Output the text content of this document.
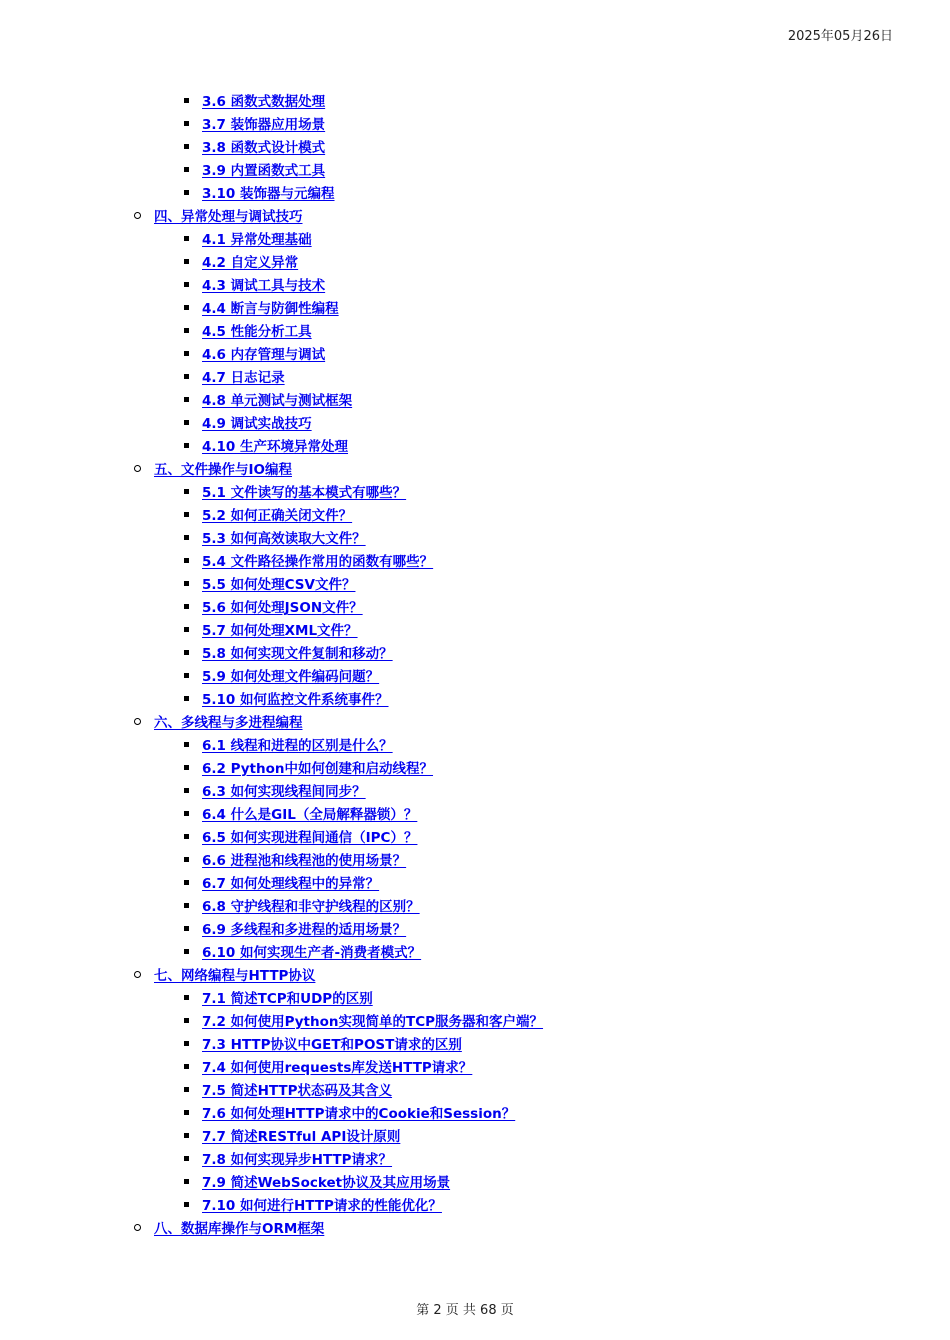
2025年05月26日
3.6 函数式数据处理
3.7 装饰器应用场景
3.8 函数式设计模式
3.9 内置函数式工具
3.10 装饰器与元编程
四、异常处理与调试技巧
4.1 异常处理基础
4.2 自定义异常
4.3 调试工具与技术
4.4 断言与防御性编程
4.5 性能分析工具
4.6 内存管理与调试
4.7 日志记录
4.8 单元测试与测试框架
4.9 调试实战技巧
4.10 生产环境异常处理
五、文件操作与IO编程
5.1 文件读写的基本模式有哪些？
5.2 如何正确关闭文件？
5.3 如何高效读取大文件？
5.4 文件路径操作常用的函数有哪些？
5.5 如何处理CSV文件？
5.6 如何处理JSON文件？
5.7 如何处理XML文件？
5.8 如何实现文件复制和移动？
5.9 如何处理文件编码问题？
5.10 如何监控文件系统事件？
六、多线程与多进程编程
6.1 线程和进程的区别是什么？
6.2 Python中如何创建和启动线程？
6.3 如何实现线程间同步？
6.4 什么是GIL（全局解释器锁）？
6.5 如何实现进程间通信（IPC）？
6.6 进程池和线程池的使用场景？
6.7 如何处理线程中的异常？
6.8 守护线程和非守护线程的区别？
6.9 多线程和多进程的适用场景？
6.10 如何实现生产者-消费者模式？
七、网络编程与HTTP协议
7.1 简述TCP和UDP的区别
7.2 如何使用Python实现简单的TCP服务器和客户端？
7.3 HTTP协议中GET和POST请求的区别
7.4 如何使用requests库发送HTTP请求？
7.5 简述HTTP状态码及其含义
7.6 如何处理HTTP请求中的Cookie和Session？
7.7 简述RESTful API设计原则
7.8 如何实现异步HTTP请求？
7.9 简述WebSocket协议及其应用场景
7.10 如何进行HTTP请求的性能优化？
八、数据库操作与ORM框架
第 2 页 共 68 页
